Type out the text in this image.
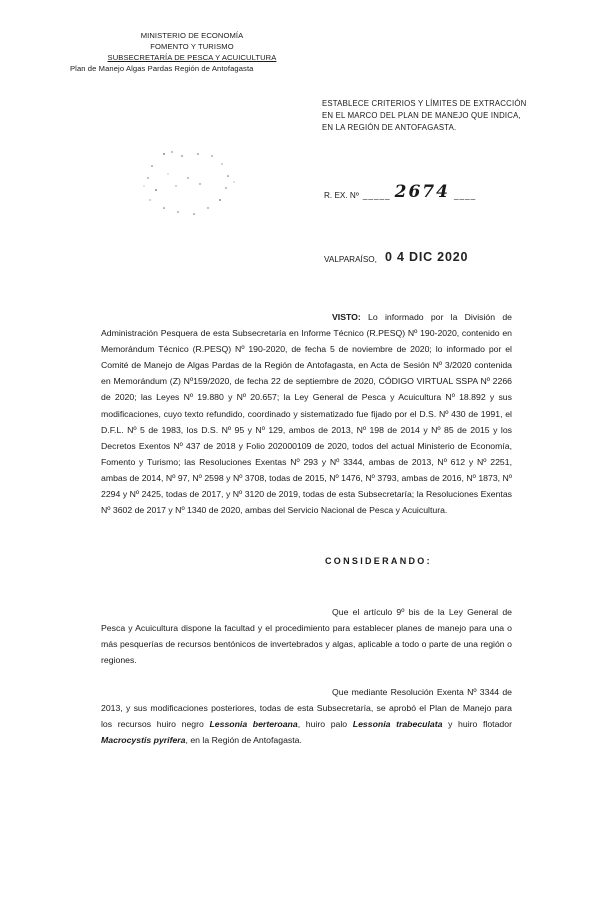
MINISTERIO DE ECONOMÍA
FOMENTO Y TURISMO
SUBSECRETARÍA DE PESCA Y ACUICULTURA
Plan de Manejo Algas Pardas Región de Antofagasta
ESTABLECE CRITERIOS Y LÍMITES DE EXTRACCIÓN
EN EL MARCO DEL PLAN DE MANEJO QUE INDICA,
EN LA REGIÓN DE ANTOFAGASTA.
R. EX. Nº _____ 2674 ____
VALPARAÍSO, 0 4 DIC 2020
VISTO: Lo informado por la División de Administración Pesquera de esta Subsecretaría en Informe Técnico (R.PESQ) Nº 190-2020, contenido en Memorándum Técnico (R.PESQ) Nº 190-2020, de fecha 5 de noviembre de 2020; lo informado por el Comité de Manejo de Algas Pardas de la Región de Antofagasta, en Acta de Sesión Nº 3/2020 contenida en Memorándum (Z) Nº159/2020, de fecha 22 de septiembre de 2020, CÓDIGO VIRTUAL SSPA Nº 2266 de 2020; las Leyes Nº 19.880 y Nº 20.657; la Ley General de Pesca y Acuicultura Nº 18.892 y sus modificaciones, cuyo texto refundido, coordinado y sistematizado fue fijado por el D.S. Nº 430 de 1991, el D.F.L. Nº 5 de 1983, los D.S. Nº 95 y Nº 129, ambos de 2013, Nº 198 de 2014 y Nº 85 de 2015 y los Decretos Exentos Nº 437 de 2018 y Folio 202000109 de 2020, todos del actual Ministerio de Economía, Fomento y Turismo; las Resoluciones Exentas Nº 293 y Nº 3344, ambas de 2013, Nº 612 y Nº 2251, ambas de 2014, Nº 97, Nº 2598 y Nº 3708, todas de 2015, Nº 1476, Nº 3793, ambas de 2016, Nº 1873, Nº 2294 y Nº 2425, todas de 2017, y Nº 3120 de 2019, todas de esta Subsecretaría; la Resoluciones Exentas Nº 3602 de 2017 y Nº 1340 de 2020, ambas del Servicio Nacional de Pesca y Acuicultura.
CONSIDERANDO:
Que el artículo 9º bis de la Ley General de Pesca y Acuicultura dispone la facultad y el procedimiento para establecer planes de manejo para una o más pesquerías de recursos bentónicos de invertebrados y algas, aplicable a todo o parte de una región o regiones.
Que mediante Resolución Exenta Nº 3344 de 2013, y sus modificaciones posteriores, todas de esta Subsecretaría, se aprobó el Plan de Manejo para los recursos huiro negro Lessonia berteroana, huiro palo Lessonia trabeculata y huiro flotador Macrocystis pyrifera, en la Región de Antofagasta.
